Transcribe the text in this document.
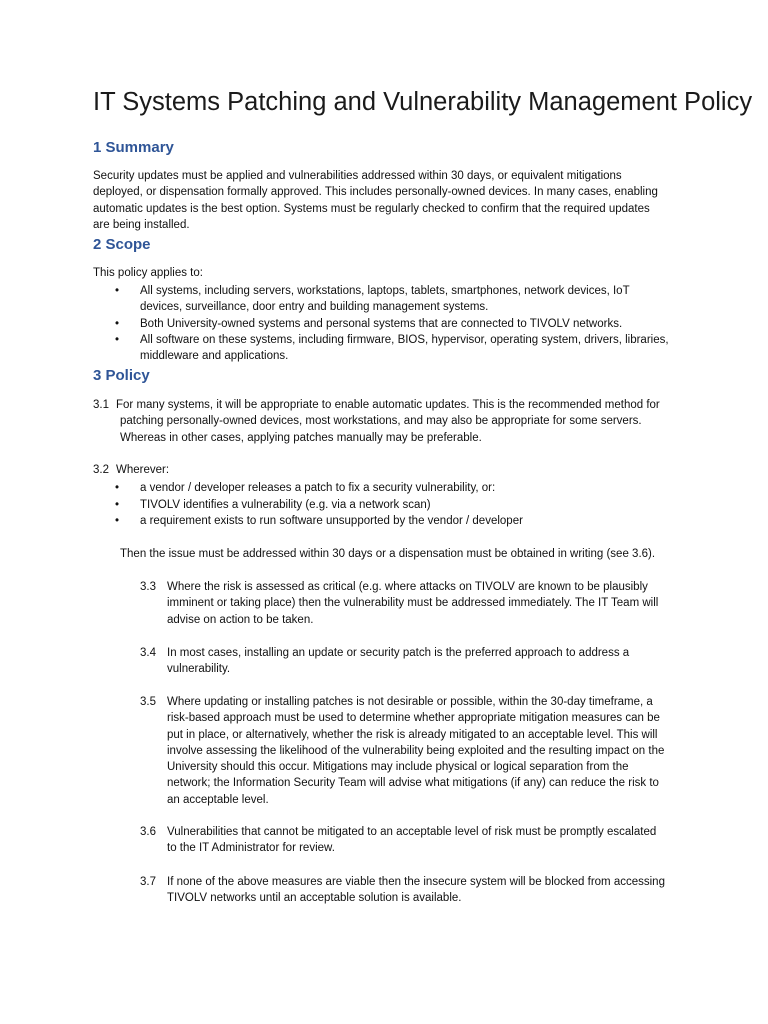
IT Systems Patching and Vulnerability Management Policy
1 Summary
Security updates must be applied and vulnerabilities addressed within 30 days, or equivalent mitigations
deployed, or dispensation formally approved. This includes personally-owned devices. In many cases, enabling
automatic updates is the best option. Systems must be regularly checked to confirm that the required updates
are being installed.
2 Scope
This policy applies to:
• All systems, including servers, workstations, laptops, tablets, smartphones, network devices, IoT
devices, surveillance, door entry and building management systems.
• Both University-owned systems and personal systems that are connected to TIVOLV networks.
• All software on these systems, including firmware, BIOS, hypervisor, operating system, drivers, libraries,
middleware and applications.
3 Policy
3.1 For many systems, it will be appropriate to enable automatic updates. This is the recommended method for
patching personally-owned devices, most workstations, and may also be appropriate for some servers.
Whereas in other cases, applying patches manually may be preferable.
3.2 Wherever:
• a vendor / developer releases a patch to fix a security vulnerability, or:
• TIVOLV identifies a vulnerability (e.g. via a network scan)
• a requirement exists to run software unsupported by the vendor / developer
Then the issue must be addressed within 30 days or a dispensation must be obtained in writing (see 3.6).
3.3 Where the risk is assessed as critical (e.g. where attacks on TIVOLV are known to be plausibly
imminent or taking place) then the vulnerability must be addressed immediately. The IT Team will
advise on action to be taken.
3.4 In most cases, installing an update or security patch is the preferred approach to address a
vulnerability.
3.5 Where updating or installing patches is not desirable or possible, within the 30-day timeframe, a
risk-based approach must be used to determine whether appropriate mitigation measures can be
put in place, or alternatively, whether the risk is already mitigated to an acceptable level. This will
involve assessing the likelihood of the vulnerability being exploited and the resulting impact on the
University should this occur. Mitigations may include physical or logical separation from the
network; the Information Security Team will advise what mitigations (if any) can reduce the risk to
an acceptable level.
3.6 Vulnerabilities that cannot be mitigated to an acceptable level of risk must be promptly escalated
to the IT Administrator for review.
3.7 If none of the above measures are viable then the insecure system will be blocked from accessing
TIVOLV networks until an acceptable solution is available.
